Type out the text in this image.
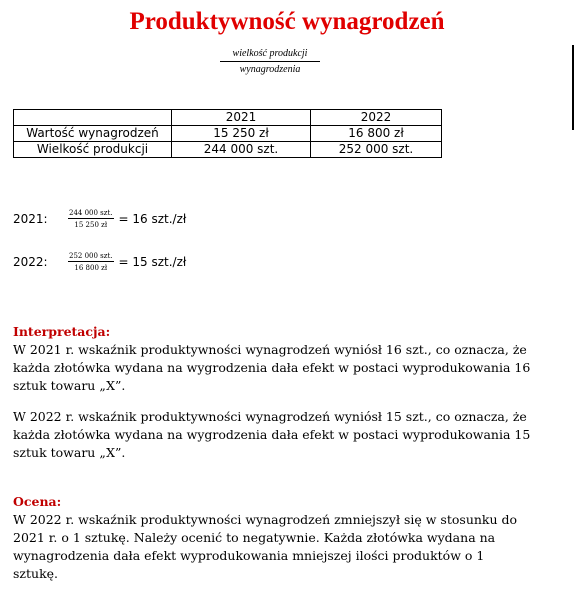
Produktywność wynagrodzeń
wielkość produkcji
wynagrodzenia
	2021	2022
Wartość wynagrodzeń	15 250 zł	16 800 zł
Wielkość produkcji	244 000 szt.	252 000 szt.
2021:	$\frac{\text{244 000 szt.}}{15 250 zł} = 16$ szt./zł
2022:	$\frac{\text{252 000 szt.}}{16 800 zł} = 15$ szt./zł
Interpretacja:
W 2021 r. wskaźnik produktywności wynagrodzeń wyniósł 16 szt., co oznacza, że każda złotówka wydana na wygrodzenia dała efekt w postaci wyprodukowania 16 sztuk towaru „X”.
W 2022 r. wskaźnik produktywności wynagrodzeń wyniósł 15 szt., co oznacza, że każda złotówka wydana na wygrodzenia dała efekt w postaci wyprodukowania 15 sztuk towaru „X”.
Ocena:
W 2022 r. wskaźnik produktywności wynagrodzeń zmniejszył się w stosunku do 2021 r. o 1 sztukę. Należy ocenić to negatywnie. Każda złotówka wydana na wynagrodzenia dała efekt wyprodukowania mniejszej ilości produktów o 1 sztukę.
